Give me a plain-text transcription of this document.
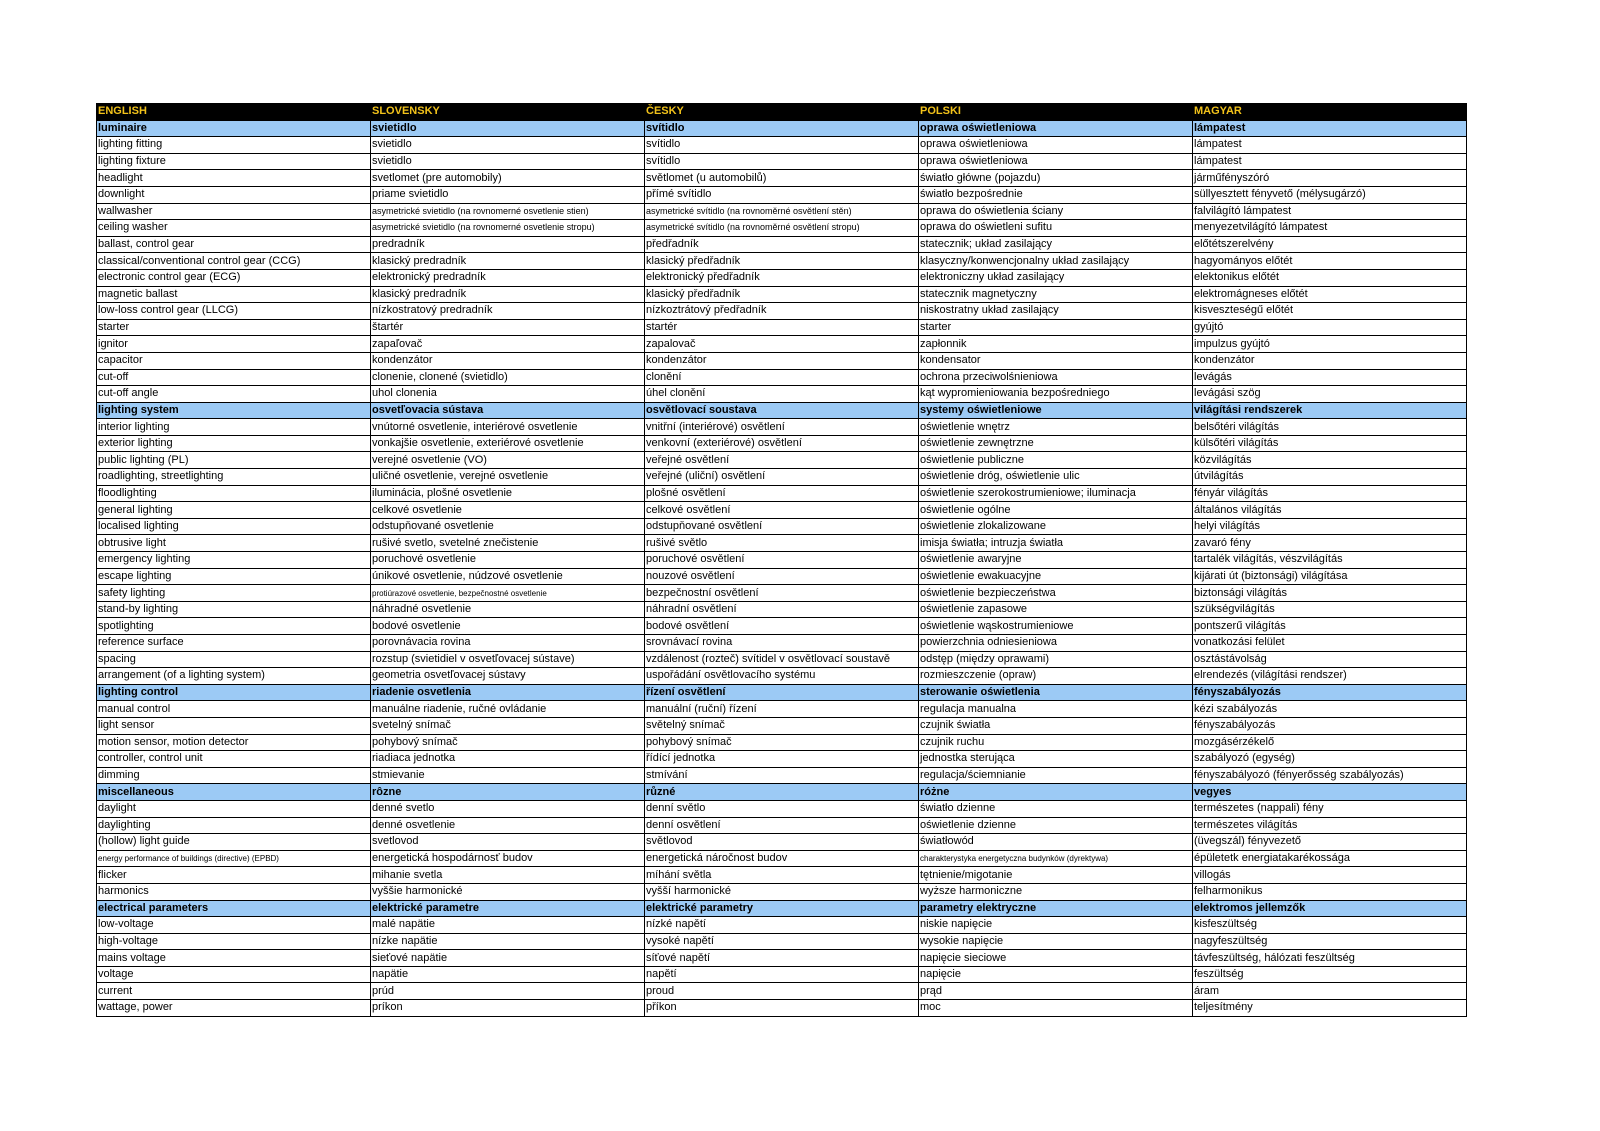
ENGLISH	SLOVENSKY	ČESKY	POLSKI	MAGYAR
luminaire	svietidlo	svítidlo	oprawa oświetleniowa	lámpatest
lighting fitting	svietidlo	svítidlo	oprawa oświetleniowa	lámpatest
lighting fixture	svietidlo	svítidlo	oprawa oświetleniowa	lámpatest
headlight	svetlomet (pre automobily)	světlomet (u automobilů)	światło główne (pojazdu)	járműfényszóró
downlight	priame svietidlo	přímé svítidlo	światło bezpośrednie	süllyesztett fényvető (mélysugárzó)
wallwasher	asymetrické svietidlo (na rovnomerné osvetlenie stien)	asymetrické svítidlo (na rovnoměrné osvětlení stěn)	oprawa do oświetlenia ściany	falvilágító lámpatest
ceiling washer	asymetrické svietidlo (na rovnomerné osvetlenie stropu)	asymetrické svítidlo (na rovnoměrné osvětlení stropu)	oprawa do oświetleni sufitu	menyezetvilágító lámpatest
ballast, control gear	predradník	předřadník	statecznik; układ zasilający	előtétszerelvény
classical/conventional control gear (CCG)	klasický predradník	klasický předřadník	klasyczny/konwencjonalny układ zasilający	hagyományos előtét
electronic control gear (ECG)	elektronický predradník	elektronický předřadník	elektroniczny układ zasilający	elektonikus előtét
magnetic ballast	klasický predradník	klasický předřadník	statecznik magnetyczny	elektromágneses előtét
low-loss control gear (LLCG)	nízkostratový predradník	nízkoztrátový předřadník	niskostratny układ zasilający	kisveszteségű előtét
starter	štartér	startér	starter	gyújtó
ignitor	zapaľovač	zapalovač	zapłonnik	impulzus gyújtó
capacitor	kondenzátor	kondenzátor	kondensator	kondenzátor
cut-off	clonenie, clonené (svietidlo)	clonění	ochrona przeciwolśnieniowa	levágás
cut-off angle	uhol clonenia	úhel clonění	kąt wypromieniowania bezpośredniego	levágási szög
lighting system	osvetľovacia sústava	osvětlovací soustava	systemy oświetleniowe	világítási rendszerek
interior lighting	vnútorné osvetlenie, interiérové osvetlenie	vnitřní (interiérové) osvětlení	oświetlenie wnętrz	belsőtéri világítás
exterior lighting	vonkajšie osvetlenie, exteriérové osvetlenie	venkovní (exteriérové) osvětlení	oświetlenie zewnętrzne	külsőtéri világítás
public lighting (PL)	verejné osvetlenie (VO)	veřejné osvětlení	oświetlenie publiczne	közvilágítás
roadlighting, streetlighting	uličné osvetlenie, verejné osvetlenie	veřejné (uliční) osvětlení	oświetlenie dróg, oświetlenie ulic	útvilágítás
floodlighting	iluminácia, plošné osvetlenie	plošné osvětlení	oświetlenie szerokostrumieniowe; iluminacja	fényár világítás
general lighting	celkové osvetlenie	celkové osvětlení	oświetlenie ogólne	általános világítás
localised lighting	odstupňované osvetlenie	odstupňované osvětlení	oświetlenie zlokalizowane	helyi világítás
obtrusive light	rušivé svetlo, svetelné znečistenie	rušivé světlo	imisja światła; intruzja światła	zavaró fény
emergency lighting	poruchové osvetlenie	poruchové osvětlení	oświetlenie awaryjne	tartalék világítás, vészvilágítás
escape lighting	únikové osvetlenie, núdzové osvetlenie	nouzové osvětlení	oświetlenie ewakuacyjne	kijárati út (biztonsági) világítása
safety lighting	protiúrazové osvetlenie, bezpečnostné osvetlenie	bezpečnostní osvětlení	oświetlenie bezpieczeństwa	biztonsági világítás
stand-by lighting	náhradné osvetlenie	náhradní osvětlení	oświetlenie zapasowe	szükségvilágítás
spotlighting	bodové osvetlenie	bodové osvětlení	oświetlenie wąskostrumieniowe	pontszerű világítás
reference surface	porovnávacia rovina	srovnávací rovina	powierzchnia odniesieniowa	vonatkozási felület
spacing	rozstup (svietidiel v osvetľovacej sústave)	vzdálenost (rozteč) svítidel v osvětlovací soustavě	odstęp (między oprawami)	osztástávolság
arrangement (of a lighting system)	geometria osvetľovacej sústavy	uspořádání osvětlovacího systému	rozmieszczenie (opraw)	elrendezés (világítási rendszer)
lighting control	riadenie osvetlenia	řízení osvětlení	sterowanie oświetlenia	fényszabályozás
manual control	manuálne riadenie, ručné ovládanie	manuální (ruční) řízení	regulacja manualna	kézi szabályozás
light sensor	svetelný snímač	světelný snímač	czujnik światła	fényszabályozás
motion sensor, motion detector	pohybový snímač	pohybový snímač	czujnik ruchu	mozgásérzékelő
controller, control unit	riadiaca jednotka	řídící jednotka	jednostka sterująca	szabályozó (egység)
dimming	stmievanie	stmívání	regulacja/ściemnianie	fényszabályozó (fényerősség szabályozás)
miscellaneous	rôzne	různé	różne	vegyes
daylight	denné svetlo	denní světlo	światło dzienne	természetes (nappali) fény
daylighting	denné osvetlenie	denní osvětlení	oświetlenie dzienne	természetes világítás
(hollow) light guide	svetlovod	světlovod	światłowód	(üvegszál) fényvezető
energy performance of buildings (directive) (EPBD)	energetická hospodárnosť budov	energetická náročnost budov	charakterystyka energetyczna budynków (dyrektywa)	épületetk energiatakarékossága
flicker	mihanie svetla	míhání světla	tętnienie/migotanie	villogás
harmonics	vyššie harmonické	vyšší harmonické	wyższe harmoniczne	felharmonikus
electrical parameters	elektrické parametre	elektrické parametry	parametry elektryczne	elektromos jellemzők
low-voltage	malé napätie	nízké napětí	niskie napięcie	kisfeszültség
high-voltage	nízke napätie	vysoké napětí	wysokie napięcie	nagyfeszültség
mains voltage	sieťové napätie	síťové napětí	napięcie sieciowe	távfeszültség, hálózati feszültség
voltage	napätie	napětí	napięcie	feszültség
current	prúd	proud	prąd	áram
wattage, power	príkon	příkon	moc	teljesítmény
